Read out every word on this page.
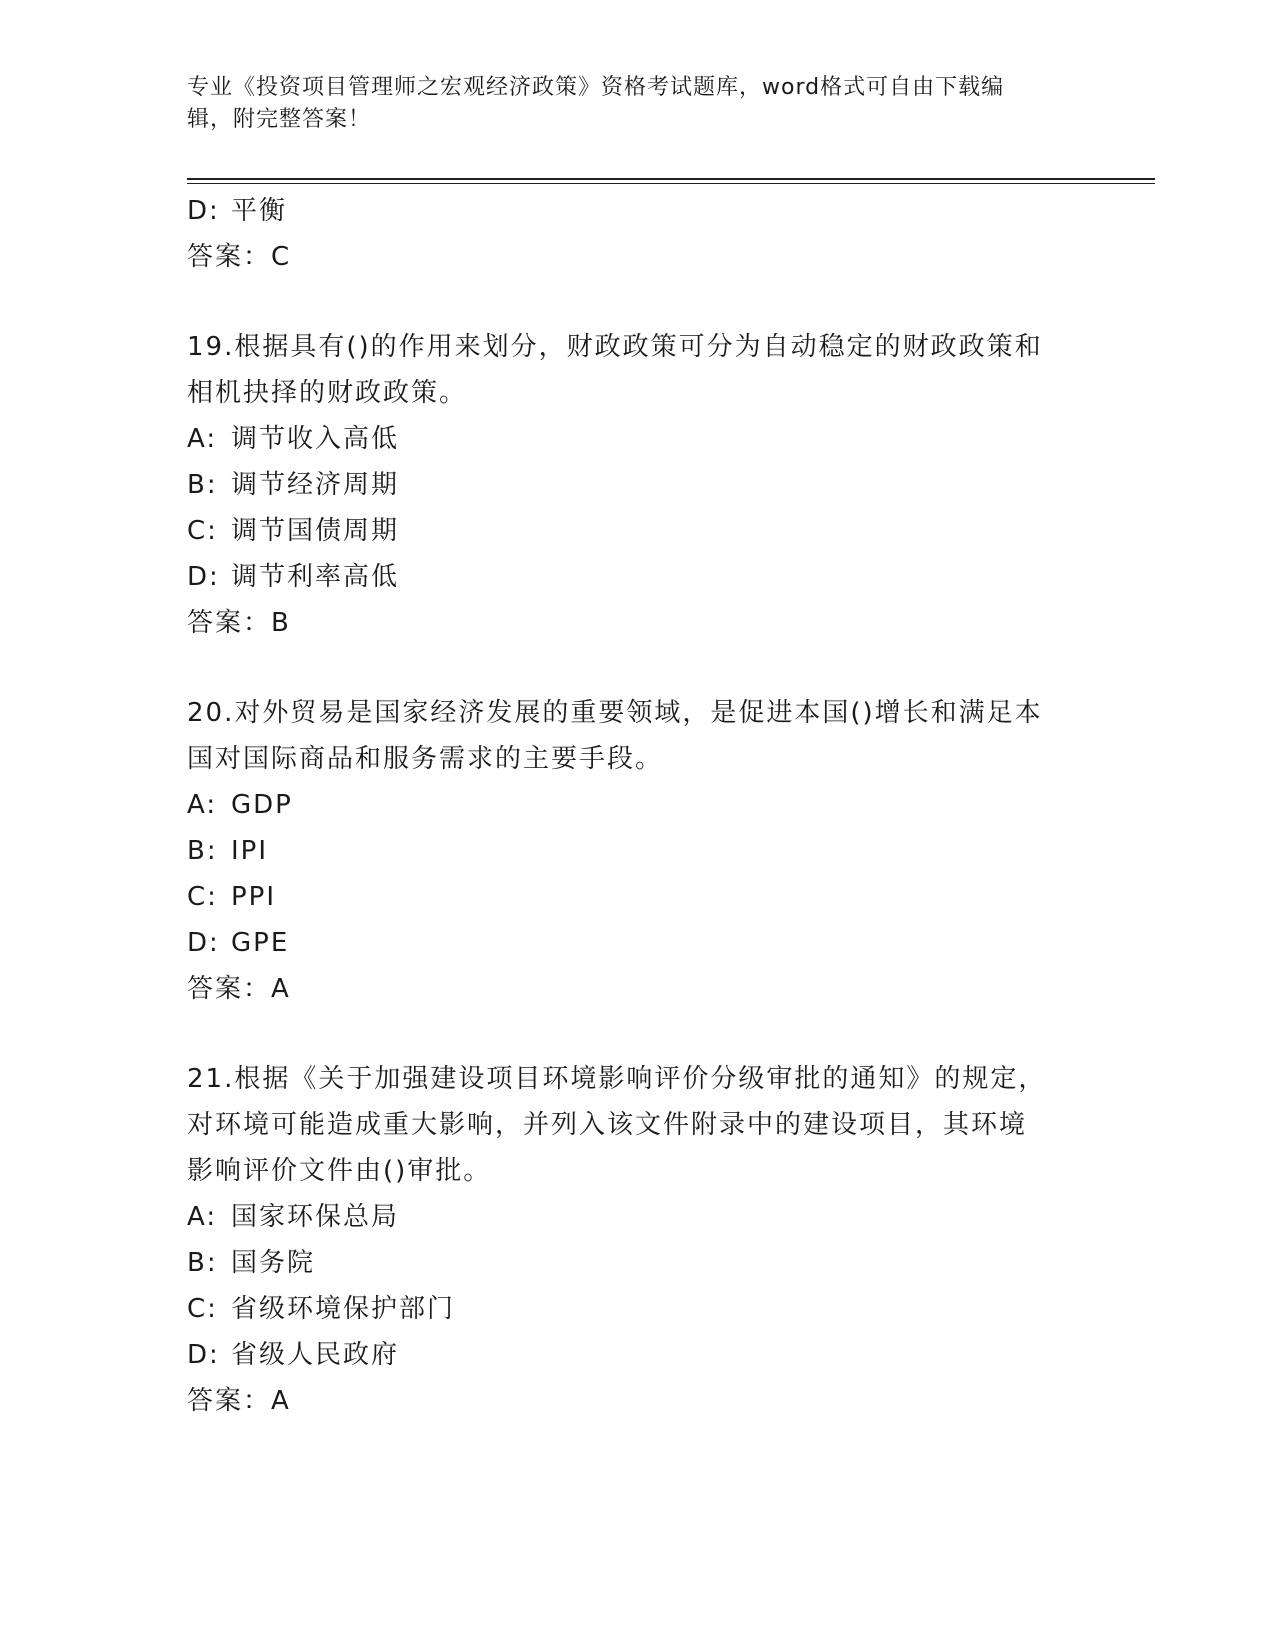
专业《投资项目管理师之宏观经济政策》资格考试题库，word格式可自由下载编
辑，附完整答案！
D: 平衡
答案：C
19.根据具有()的作用来划分，财政政策可分为自动稳定的财政政策和
相机抉择的财政政策。
A: 调节收入高低
B: 调节经济周期
C: 调节国债周期
D: 调节利率高低
答案：B
20.对外贸易是国家经济发展的重要领域，是促进本国()增长和满足本
国对国际商品和服务需求的主要手段。
A: GDP
B: IPI
C: PPI
D: GPE
答案：A
21.根据《关于加强建设项目环境影响评价分级审批的通知》的规定，
对环境可能造成重大影响，并列入该文件附录中的建设项目，其环境
影响评价文件由()审批。
A: 国家环保总局
B: 国务院
C: 省级环境保护部门
D: 省级人民政府
答案：A
